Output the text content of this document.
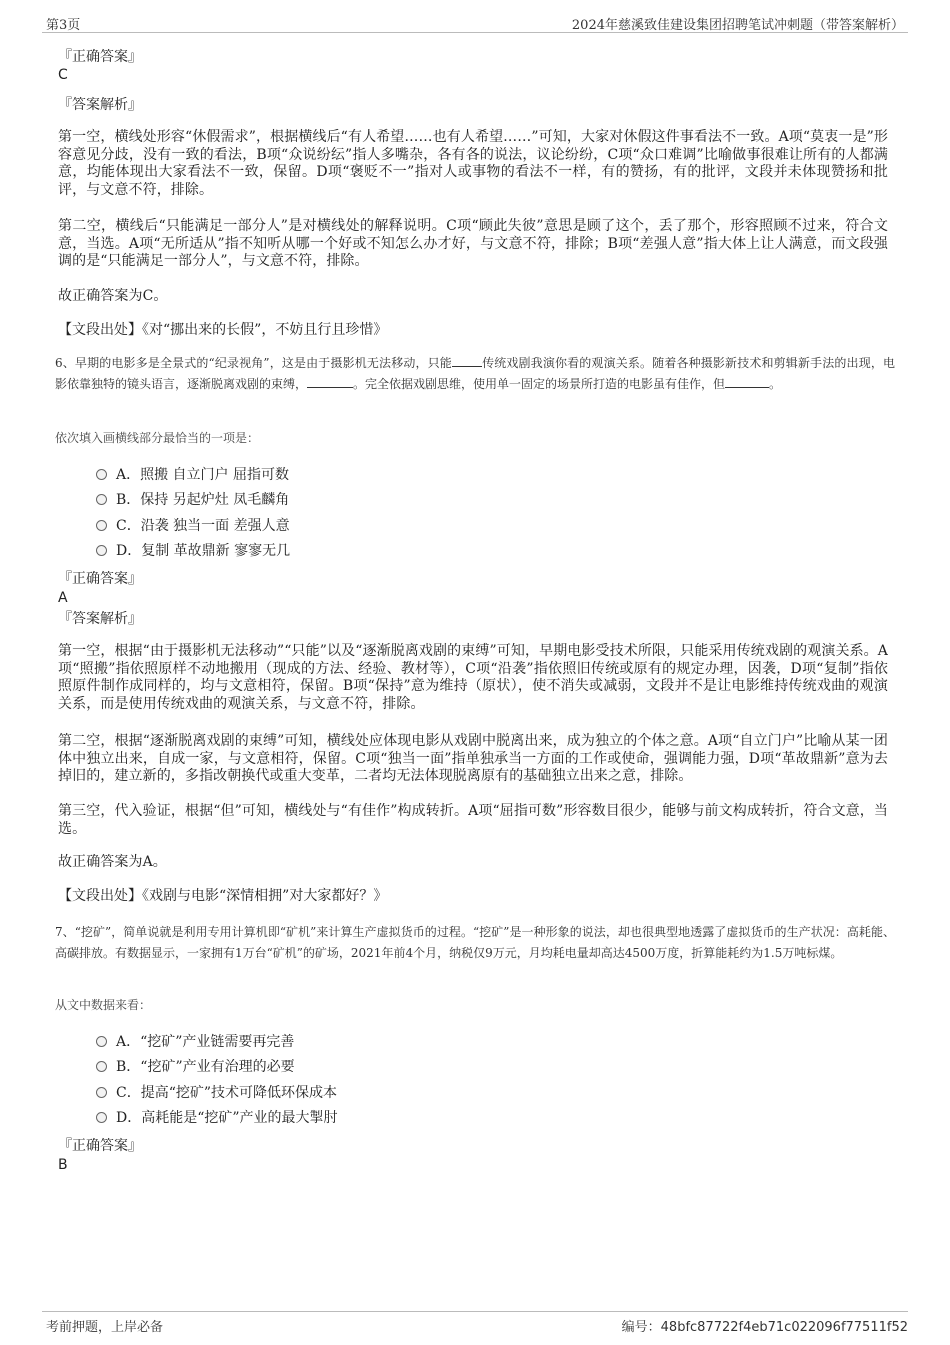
第3页	2024年慈溪致佳建设集团招聘笔试冲刺题（带答案解析）
『正确答案』
C
『答案解析』
第一空，横线处形容“休假需求”，根据横线后“有人希望……也有人希望……”可知，大家对休假这件事看法不一致。A项“莫衷一是”形容意见分歧，没有一致的看法，B项“众说纷纭”指人多嘴杂，各有各的说法，议论纷纷，C项“众口难调”比喻做事很难让所有的人都满意，均能体现出大家看法不一致，保留。D项“褒贬不一”指对人或事物的看法不一样，有的赞扬，有的批评，文段并未体现赞扬和批评，与文意不符，排除。
第二空，横线后“只能满足一部分人”是对横线处的解释说明。C项“顾此失彼”意思是顾了这个，丢了那个，形容照顾不过来，符合文意，当选。A项“无所适从”指不知听从哪一个好或不知怎么办才好，与文意不符，排除；B项“差强人意”指大体上让人满意，而文段强调的是“只能满足一部分人”，与文意不符，排除。
故正确答案为C。
【文段出处】《对“挪出来的长假”，不妨且行且珍惜》
6、早期的电影多是全景式的“纪录视角”，这是由于摄影机无法移动，只能	传统戏剧我演你看的观演关系。随着各种摄影新技术和剪辑新手法的出现，电影依靠独特的镜头语言，逐渐脱离戏剧的束缚，	。完全依据戏剧思维，使用单一固定的场景所打造的电影虽有佳作，但	。
依次填入画横线部分最恰当的一项是：
A．照搬 自立门户 屈指可数
B．保持 另起炉灶 凤毛麟角
C．沿袭 独当一面 差强人意
D．复制 革故鼎新 寥寥无几
『正确答案』
A
『答案解析』
第一空，根据“由于摄影机无法移动”“只能”以及“逐渐脱离戏剧的束缚”可知，早期电影受技术所限，只能采用传统戏剧的观演关系。A项“照搬”指依照原样不动地搬用（现成的方法、经验、教材等），C项“沿袭”指依照旧传统或原有的规定办理，因袭，D项“复制”指依照原件制作成同样的，均与文意相符，保留。B项“保持”意为维持（原状），使不消失或减弱，文段并不是让电影维持传统戏曲的观演关系，而是使用传统戏曲的观演关系，与文意不符，排除。
第二空，根据“逐渐脱离戏剧的束缚”可知，横线处应体现电影从戏剧中脱离出来，成为独立的个体之意。A项“自立门户”比喻从某一团体中独立出来，自成一家，与文意相符，保留。C项“独当一面”指单独承当一方面的工作或使命，强调能力强，D项“革故鼎新”意为去掉旧的，建立新的，多指改朝换代或重大变革，二者均无法体现脱离原有的基础独立出来之意，排除。
第三空，代入验证，根据“但”可知，横线处与“有佳作”构成转折。A项“屈指可数”形容数目很少，能够与前文构成转折，符合文意，当选。
故正确答案为A。
【文段出处】《戏剧与电影“深情相拥”对大家都好？》
7、“挖矿”，简单说就是利用专用计算机即“矿机”来计算生产虚拟货币的过程。“挖矿”是一种形象的说法，却也很典型地透露了虚拟货币的生产状况：高耗能、高碳排放。有数据显示，一家拥有1万台“矿机”的矿场，2021年前4个月，纳税仅9万元，月均耗电量却高达4500万度，折算能耗约为1.5万吨标煤。
从文中数据来看：
A．“挖矿”产业链需要再完善
B．“挖矿”产业有治理的必要
C．提高“挖矿”技术可降低环保成本
D．高耗能是“挖矿”产业的最大掣肘
『正确答案』
B
考前押题，上岸必备	编号：48bfc87722f4eb71c022096f77511f52
